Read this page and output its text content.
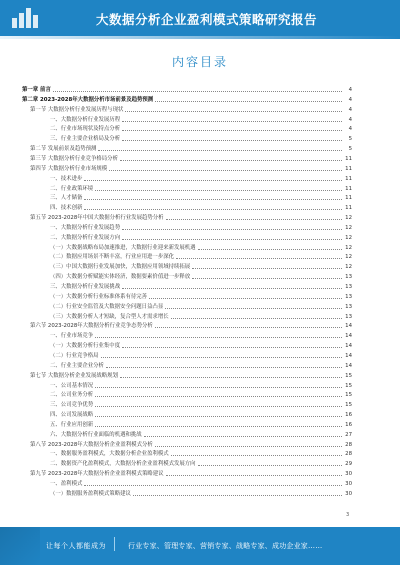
大数据分析企业盈利模式策略研究报告
内容目录
第一章 前言	4
第二章 2023-2028年大数据分析市场前景及趋势预测	4
第一节 大数据分析行业发展历程与现状	4
一、大数据分析行业发展历程	4
二、行业市场现状及特点分析	4
三、行业主要企业格局及分析	5
第二节 发展前景及趋势预测	5
第三节 大数据分析行业竞争格局分析	11
第四节 大数据分析行业市场规模	11
一、技术进步	11
二、行业政策环境	11
三、人才储备	11
四、技术创新	11
第五节 2023-2028年中国大数据分析行业发展趋势分析	12
一、大数据分析行业发展趋势	12
二、大数据分析行业发展方向	12
（一）大数据战略布局加速推进，大数据行业迎来新发展机遇	12
（二）数据应用场景不断丰富，行业应用进一步深化	12
（三）中国大数据行业发展加快，大数据应用领域持续拓展	12
（四）大数据分析赋能实体经济，数据要素价值进一步释放	13
三、大数据分析行业发展挑战	13
（一）大数据分析行业标准体系有待完善	13
（二）行业安全监管及大数据安全问题日益凸显	13
（三）大数据分析人才短缺，复合型人才需求增长	13
第六节 2023-2028年大数据分析行业竞争态势分析	14
一、行业市场竞争	14
（一）大数据分析行业集中度	14
（二）行业竞争格局	14
二、行业主要企业分析	14
第七节 大数据分析企业发展战略规划	15
一、公司基本情况	15
二、公司业务分析	15
三、公司竞争优势	15
四、公司发展战略	16
五、行业应用创新	16
六、大数据分析行业面临的机遇和挑战	27
第八节 2023-2028年大数据分析企业盈利模式分析	28
一、数据服务盈利模式，大数据分析企业盈利模式	28
二、数据资产化盈利模式，大数据分析企业盈利模式发展方向	29
第九节 2023-2028年大数据分析企业盈利模式策略建议	30
一、盈利模式	30
（一）数据服务盈利模式策略建议	30
3
让每个人都能成为	行业专家、管理专家、营销专家、战略专家、成功企业家……
